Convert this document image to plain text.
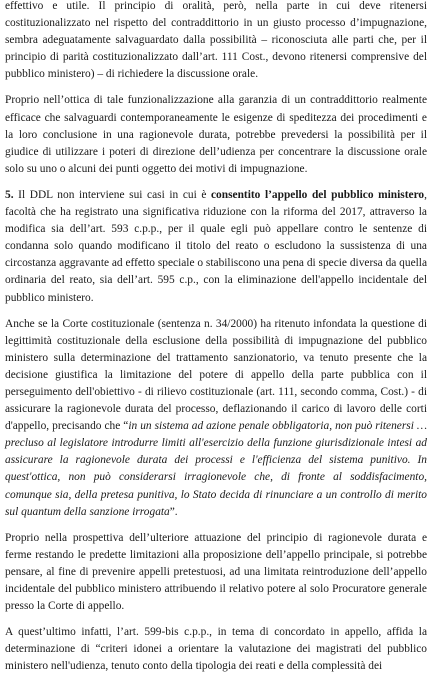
effettivo e utile. Il principio di oralità, però, nella parte in cui deve ritenersi costituzionalizzato nel rispetto del contraddittorio in un giusto processo d’impugnazione, sembra adeguatamente salvaguardato dalla possibilità – riconosciuta alle parti che, per il principio di parità costituzionalizzato dall’art. 111 Cost., devono ritenersi comprensive del pubblico ministero) – di richiedere la discussione orale.

Proprio nell’ottica di tale funzionalizzazione alla garanzia di un contraddittorio realmente efficace che salvaguardi contemporaneamente le esigenze di speditezza dei procedimenti e la loro conclusione in una ragionevole durata, potrebbe prevedersi la possibilità per il giudice di utilizzare i poteri di direzione dell’udienza per concentrare la discussione orale solo su uno o alcuni dei punti oggetto dei motivi di impugnazione.

5. Il DDL non interviene sui casi in cui è consentito l’appello del pubblico ministero, facoltà che ha registrato una significativa riduzione con la riforma del 2017, attraverso la modifica sia dell’art. 593 c.p.p., per il quale egli può appellare contro le sentenze di condanna solo quando modificano il titolo del reato o escludono la sussistenza di una circostanza aggravante ad effetto speciale o stabiliscono una pena di specie diversa da quella ordinaria del reato, sia dell’art. 595 c.p., con la eliminazione dell'appello incidentale del pubblico ministero.

Anche se la Corte costituzionale (sentenza n. 34/2000) ha ritenuto infondata la questione di legittimità costituzionale della esclusione della possibilità di impugnazione del pubblico ministero sulla determinazione del trattamento sanzionatorio, va tenuto presente che la decisione giustifica la limitazione del potere di appello della parte pubblica con il perseguimento dell'obiettivo - di rilievo costituzionale (art. 111, secondo comma, Cost.) - di assicurare la ragionevole durata del processo, deflazionando il carico di lavoro delle corti d'appello, precisando che “in un sistema ad azione penale obbligatoria, non può ritenersi … precluso al legislatore introdurre limiti all'esercizio della funzione giurisdizionale intesi ad assicurare la ragionevole durata dei processi e l'efficienza del sistema punitivo. In quest'ottica, non può considerarsi irragionevole che, di fronte al soddisfacimento, comunque sia, della pretesa punitiva, lo Stato decida di rinunciare a un controllo di merito sul quantum della sanzione irrogata”.

Proprio nella prospettiva dell’ulteriore attuazione del principio di ragionevole durata e ferme restando le predette limitazioni alla proposizione dell’appello principale, si potrebbe pensare, al fine di prevenire appelli pretestuosi, ad una limitata reintroduzione dell’appello incidentale del pubblico ministero attribuendo il relativo potere al solo Procuratore generale presso la Corte di appello.

A quest’ultimo infatti, l’art. 599-bis c.p.p., in tema di concordato in appello, affida la determinazione di “criteri idonei a orientare la valutazione dei magistrati del pubblico ministero nell'udienza, tenuto conto della tipologia dei reati e della complessità dei
